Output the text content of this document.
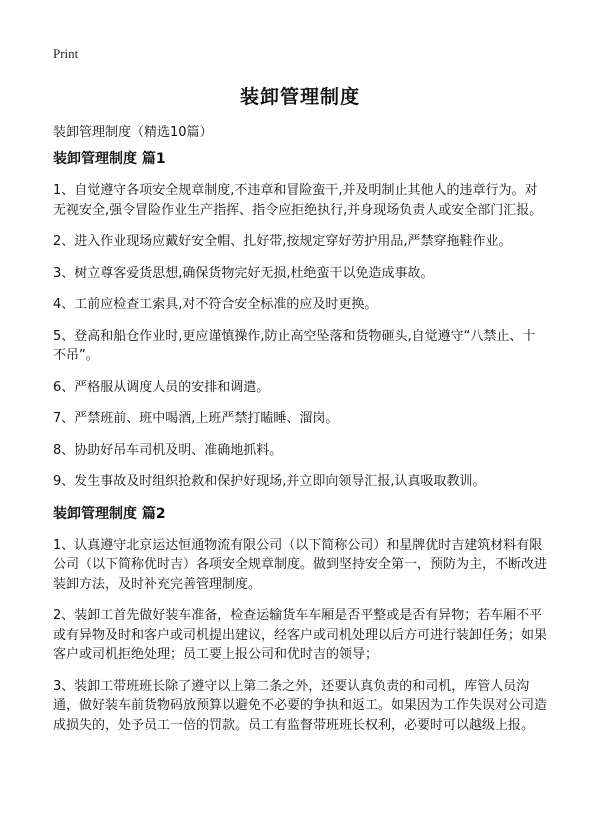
Print
装卸管理制度
装卸管理制度（精选10篇）
装卸管理制度 篇1

1、自觉遵守各项安全规章制度,不违章和冒险蛮干,并及明制止其他人的违章行为。对无视安全,强令冒险作业生产指挥、指令应拒绝执行,并身现场负责人或安全部门汇报。

2、进入作业现场应戴好安全帽、扎好带,按规定穿好劳护用品,严禁穿拖鞋作业。

3、树立尊客爱货思想,确保货物完好无损,杜绝蛮干以免造成事故。

4、工前应检查工索具,对不符合安全标准的应及时更换。

5、登高和船仓作业时,更应谨慎操作,防止高空坠落和货物砸头,自觉遵守“八禁止、十不吊”。

6、严格服从调度人员的安排和调遣。

7、严禁班前、班中喝酒,上班严禁打瞌睡、溜岗。

8、协助好吊车司机及明、准确地抓料。

9、发生事故及时组织抢救和保护好现场,并立即向领导汇报,认真吸取教训。

装卸管理制度 篇2

1、认真遵守北京运达恒通物流有限公司（以下简称公司）和星牌优时吉建筑材料有限公司（以下简称优时吉）各项安全规章制度。做到坚持安全第一，预防为主，不断改进装卸方法，及时补充完善管理制度。

2、装卸工首先做好装车准备，检查运输货车车厢是否平整或是否有异物；若车厢不平或有异物及时和客户或司机提出建议，经客户或司机处理以后方可进行装卸任务；如果客户或司机拒绝处理；员工要上报公司和优时吉的领导；

3、装卸工带班班长除了遵守以上第二条之外，还要认真负责的和司机，库管人员沟通，做好装车前货物码放预算以避免不必要的争执和返工。如果因为工作失误对公司造成损失的，处予员工一倍的罚款。员工有监督带班班长权利，必要时可以越级上报。
